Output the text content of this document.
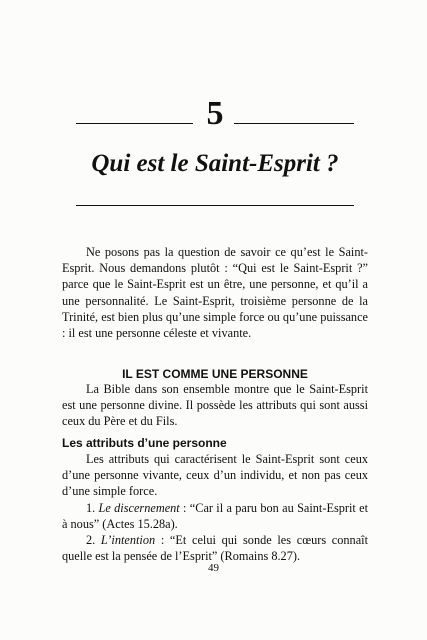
5
Qui est le Saint-Esprit ?
Ne posons pas la question de savoir ce qu’est le Saint-Esprit. Nous demandons plutôt : “Qui est le Saint-Esprit ?” parce que le Saint-Esprit est un être, une personne, et qu’il a une personnalité. Le Saint-Esprit, troisième personne de la Trinité, est bien plus qu’une simple force ou qu’une puissance : il est une personne céleste et vivante.
IL EST COMME UNE PERSONNE
La Bible dans son ensemble montre que le Saint-Esprit est une personne divine. Il possède les attributs qui sont aussi ceux du Père et du Fils.
Les attributs d’une personne
Les attributs qui caractérisent le Saint-Esprit sont ceux d’une personne vivante, ceux d’un individu, et non pas ceux d’une simple force.
1. Le discernement : “Car il a paru bon au Saint-Esprit et à nous” (Actes 15.28a).
2. L’intention : “Et celui qui sonde les cœurs connaît quelle est la pensée de l’Esprit” (Romains 8.27).
49
